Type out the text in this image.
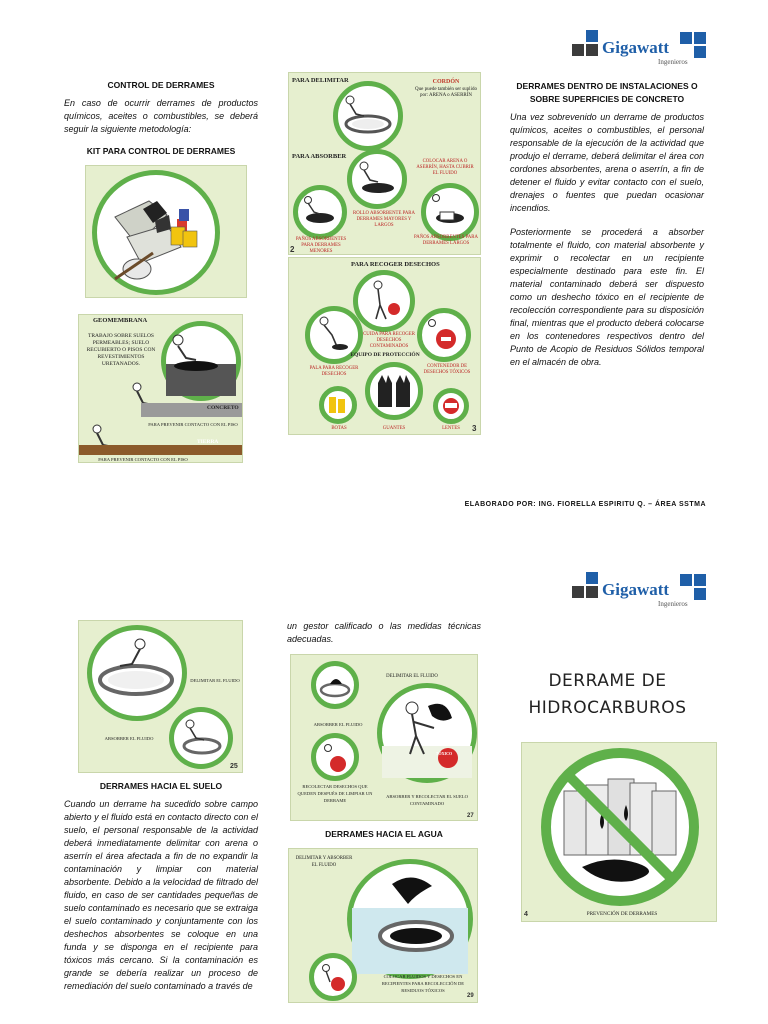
Gigawatt
Ingenieros
CONTROL DE DERRAMES
En caso de ocurrir derrames de productos químicos, aceites o combustibles, se deberá seguir la siguiente metodología:
KIT PARA CONTROL DE DERRAMES
GEOMEMBRANA
TRABAJO SOBRE SUELOS PERMEABLES; SUELO RECUBIERTO O PISOS CON REVESTIMIENTOS URETANADOS.
CONCRETO
PARA PREVENIR CONTACTO CON EL PISO
TIERRA
PARA PREVENIR CONTACTO CON EL PISO
PARA DELIMITAR	CORDÓN
Que puede también ser suplido por: ARENA o ASERRÍN
PARA ABSORBER
COLOCAR ARENA O ASERRÍN, HASTA CUBRIR EL FLUIDO
ROLLO ABSORBENTE PARA DERRAMES MAYORES Y LARGOS
PAÑOS ABSORBENTES PARA DERRAMES LARGOS
PAÑOS ABSORBENTES PARA DERRAMES MENORES
2
PARA RECOGER DESECHOS
CUIDA PARA RECOGER DESECHOS CONTAMINADOS
EQUIPO DE PROTECCIÓN
PALA PARA RECOGER DESECHOS
CONTENEDOR DE DESECHOS TÓXICOS
BOTAS	GUANTES	LENTES	3
DERRAMES DENTRO DE INSTALACIONES O SOBRE SUPERFICIES DE CONCRETO
Una vez sobrevenido un derrame de productos químicos, aceites o combustibles, el personal responsable de la ejecución de la actividad que produjo el derrame, deberá delimitar el área con cordones absorbentes, arena o aserrín, a fin de detener el fluido y evitar contacto con el suelo, drenajes o fuentes que puedan ocasionar incendios.
Posteriormente se procederá a absorber totalmente el fluido, con material absorbente y exprimir o recolectar en un recipiente especialmente destinado para este fin. El material contaminado deberá ser dispuesto como un deshecho tóxico en el recipiente de recolección correspondiente para su disposición final, mientras que el producto deberá colocarse en los contenedores respectivos dentro del Punto de Acopio de Residuos Sólidos temporal en el almacén de obra.
ELABORADO POR: ING. FIORELLA ESPIRITU Q. – ÁREA SSTMA
Gigawatt
Ingenieros
DELIMITAR EL FLUIDO
ABSORBER EL FLUIDO
25
DERRAMES HACIA EL SUELO
Cuando un derrame ha sucedido sobre campo abierto y el fluido está en contacto directo con el suelo, el personal responsable de la actividad deberá inmediatamente delimitar con arena o aserrín el área afectada a fin de no expandir la contaminación y limpiar con material absorbente. Debido a la velocidad de filtrado del fluido, en caso de ser cantidades pequeñas de suelo contaminado es necesario que se extraiga el suelo contaminado y conjuntamente con los deshechos absorbentes se coloque en una funda y se disponga en el recipiente para tóxicos más cercano. Si la contaminación es grande se debería realizar un proceso de remediación del suelo contaminado a través de
un gestor calificado o las medidas técnicas adecuadas.
DELIMITAR EL FLUIDO
ABSORBER EL FLUIDO
TÓXICO
RECOLECTAR DESECHOS QUE QUEDEN DESPUÉS DE LIMPIAR UN DERRAME
ABSORBER Y RECOLECTAR EL SUELO CONTAMINADO
27
DERRAMES HACIA EL AGUA
DELIMITAR Y ABSORBER EL FLUIDO
COLOCAR FLUIDOS Y DESECHOS EN RECIPIENTES PARA RECOLECCIÓN DE RESIDUOS TÓXICOS
29
DERRAME DE
HIDROCARBUROS
PREVENCIÓN DE DERRAMES
4
